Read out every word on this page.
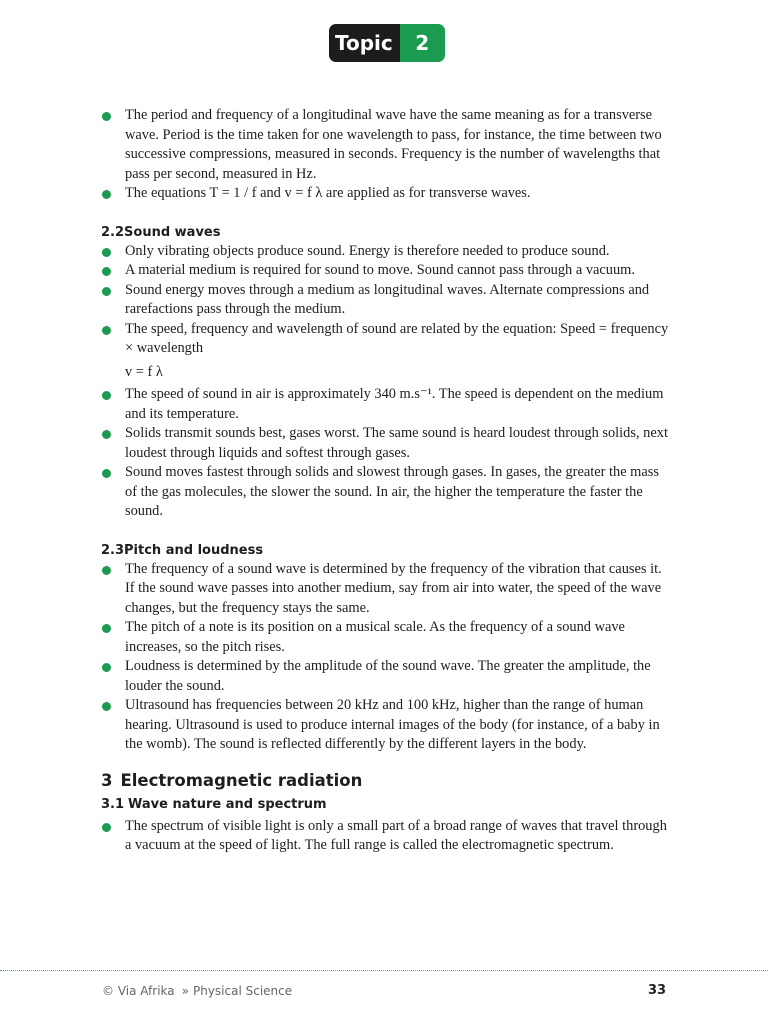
Topic	2
The period and frequency of a longitudinal wave have the same meaning as for a transverse wave. Period is the time taken for one wavelength to pass, for instance, the time between two successive compressions, measured in seconds. Frequency is the number of wavelengths that pass per second, measured in Hz.
The equations T = 1 / f and v = f λ are applied as for transverse waves.
2.2Sound waves
Only vibrating objects produce sound. Energy is therefore needed to produce sound.
A material medium is required for sound to move. Sound cannot pass through a vacuum.
Sound energy moves through a medium as longitudinal waves. Alternate compressions and rarefactions pass through the medium.
The speed, frequency and wavelength of sound are related by the equation: Speed = frequency × wavelength
v = f λ
The speed of sound in air is approximately 340 m.s⁻¹. The speed is dependent on the medium and its temperature.
Solids transmit sounds best, gases worst. The same sound is heard loudest through solids, next loudest through liquids and softest through gases.
Sound moves fastest through solids and slowest through gases. In gases, the greater the mass of the gas molecules, the slower the sound. In air, the higher the temperature the faster the sound.
2.3Pitch and loudness
The frequency of a sound wave is determined by the frequency of the vibration that causes it. If the sound wave passes into another medium, say from air into water, the speed of the wave changes, but the frequency stays the same.
The pitch of a note is its position on a musical scale. As the frequency of a sound wave increases, so the pitch rises.
Loudness is determined by the amplitude of the sound wave. The greater the amplitude, the louder the sound.
Ultrasound has frequencies between 20 kHz and 100 kHz, higher than the range of human hearing. Ultrasound is used to produce internal images of the body (for instance, of a baby in the womb). The sound is reflected differently by the different layers in the body.
3 Electromagnetic radiation
3.1 Wave nature and spectrum
The spectrum of visible light is only a small part of a broad range of waves that travel through a vacuum at the speed of light. The full range is called the electromagnetic spectrum.
© Via Afrika » Physical Science	33
